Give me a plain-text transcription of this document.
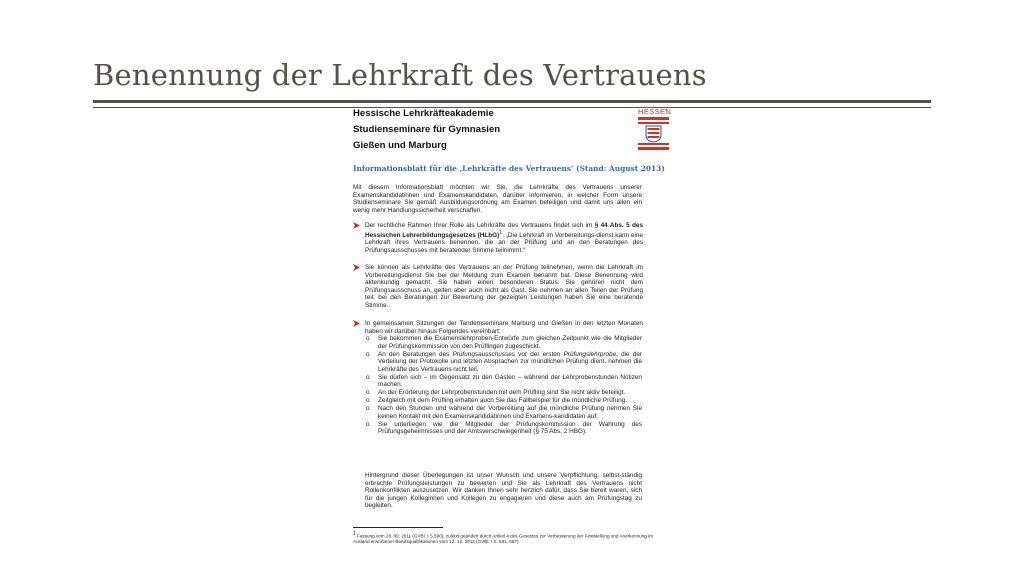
Benennung der Lehrkraft des Vertrauens
Hessische Lehrkräfteakademie
Studienseminare für Gymnasien
Gießen und Marburg
HESSEN
Informationsblatt für die ‚Lehrkräfte des Vertrauens‘ (Stand: August 2013)
Mit diesem Informationsblatt möchten wir Sie, die Lehrkräfte des Vertrauens unserer Examenskandidatinnen und Examenskandidaten, darüber informieren, in welcher Form unsere Studienseminare Sie gemäß Ausbildungsordnung am Examen beteiligen und damit uns allen ein wenig mehr Handlungssicherheit verschaffen.
Der rechtliche Rahmen Ihrer Rolle als Lehrkräfte des Vertrauens findet sich im § 44 Abs. 5 des Hessischen Lehrerbildungsgesetzes (HLbG)$^1$: „Die Lehrkraft im Vorbereitungs-dienst kann eine Lehrkraft ihres Vertrauens benennen, die an der Prüfung und an den Beratungen des Prüfungsausschusses mit beratender Stimme teilnimmt.“
Sie können als Lehrkräfte des Vertrauens an der Prüfung teilnehmen, wenn die Lehrkraft im Vorbereitungsdienst Sie bei der Meldung zum Examen benannt hat. Diese Benennung wird aktenkundig gemacht. Sie haben einen besonderen Status: Sie gehören nicht dem Prüfungsausschuss an, gelten aber auch nicht als Gast. Sie nehmen an allen Teilen der Prüfung teil; bei den Beratungen zur Bewertung der gezeigten Leistungen haben Sie eine beratende Stimme.
In gemeinsamen Sitzungen der Tandemseminare Marburg und Gießen in den letzten Monaten haben wir darüber hinaus Folgendes vereinbart:
o Sie bekommen die Examenslehrproben-Entwürfe zum gleichen Zeitpunkt wie die Mitglieder der Prüfungskommission von den Prüflingen zugeschickt.
o An den Beratungen des Prüfungsausschusses vor der ersten Prüfungslehrprobe, die der Verteilung der Protokolle und letzten Absprachen zur mündlichen Prüfung dient, nehmen die Lehrkräfte des Vertrauens nicht teil.
o Sie dürfen sich – im Gegensatz zu den Gästen – während der Lehrprobenstunden Notizen machen.
o An der Erörterung der Lehrprobenstunden mit dem Prüfling sind Sie nicht aktiv beteiligt.
o Zeitgleich mit dem Prüfling erhalten auch Sie das Fallbeispiel für die mündliche Prüfung.
o Nach den Stunden und während der Vorbereitung auf die mündliche Prüfung nehmen Sie keinen Kontakt mit den Examenskandidatinnen und Examens-kandidaten auf.
o Sie unterliegen wie die Mitglieder der Prüfungskommission der Wahrung des Prüfungsgeheimnisses und der Amtsverschwiegenheit (§ 75 Abs. 2 HBG).
Hintergrund dieser Überlegungen ist unser Wunsch und unsere Verpflichtung, selbst-ständig erbrachte Prüfungsleistungen zu bewerten und Sie als Lehrkraft des Vertrauens nicht Rollenkonflikten auszusetzen. Wir danken Ihnen sehr herzlich dafür, dass Sie bereit waren, sich für die jungen Kolleginnen und Kollegen zu engagieren und diese auch am Prüfungstag zu begleiten.
$^1$ Fassung vom 28. 09. 2011 (GVBl. I S.590), zuletzt geändert durch Artikel 4 des Gesetzes zur Verbesserung der Feststellung und Anerkennung im Ausland erworbener Berufsqualifikationen vom 12. 12. 2012 (GVBl. I S. 581, 587).
